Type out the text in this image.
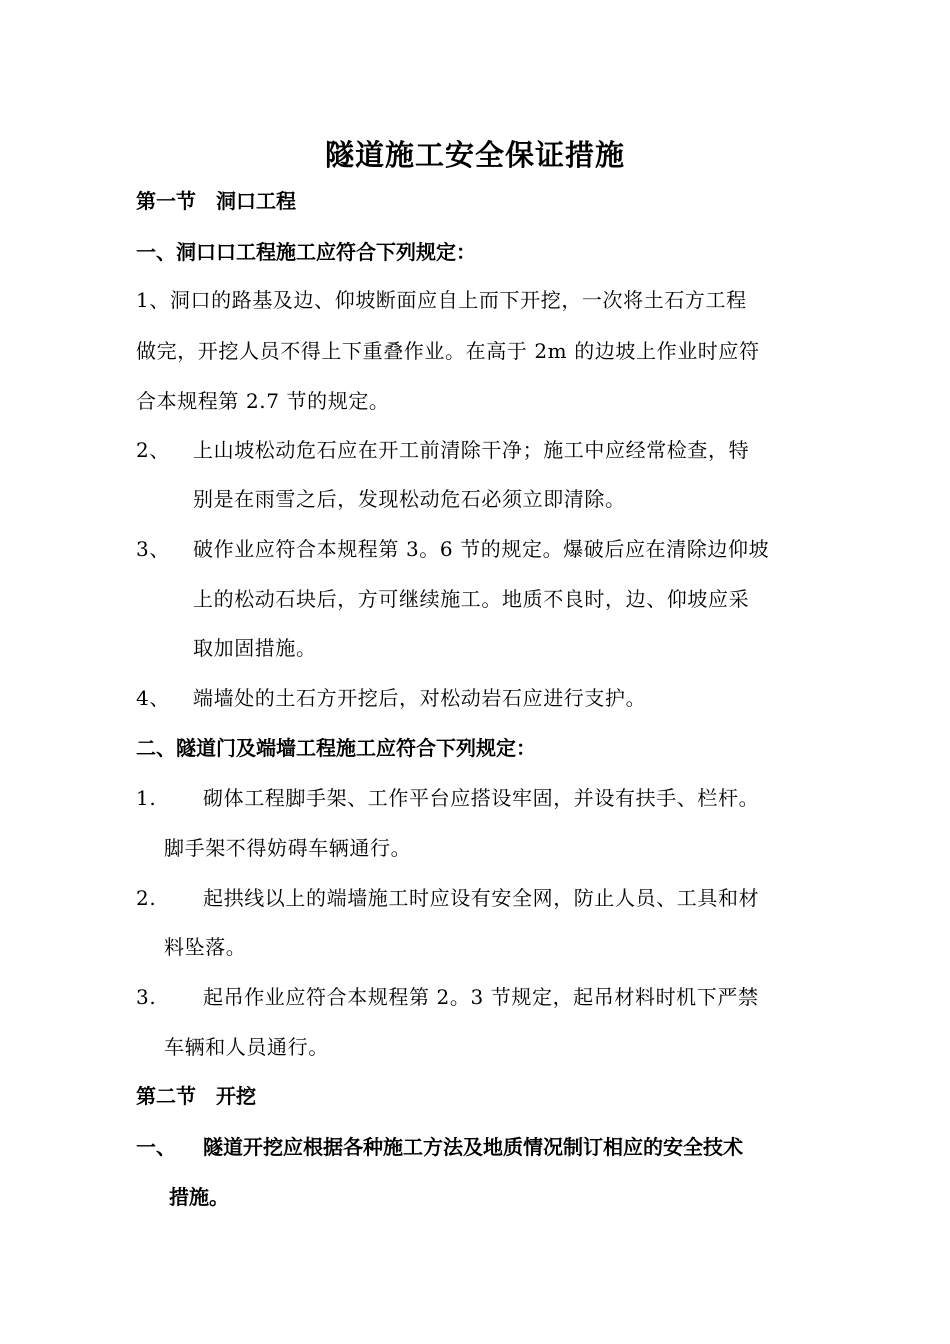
隧道施工安全保证措施
第一节　洞口工程
一、洞口口工程施工应符合下列规定：
1、洞口的路基及边、仰坡断面应自上而下开挖，一次将土石方工程
做完，开挖人员不得上下重叠作业。在高于 2m 的边坡上作业时应符
合本规程第 2.7 节的规定。
2、 上山坡松动危石应在开工前清除干净；施工中应经常检查，特
别是在雨雪之后，发现松动危石必须立即清除。
3、 破作业应符合本规程第 3。6 节的规定。爆破后应在清除边仰坡
上的松动石块后，方可继续施工。地质不良时，边、仰坡应采
取加固措施。
4、 端墙处的土石方开挖后，对松动岩石应进行支护。
二、隧道门及端墙工程施工应符合下列规定：
1. 砌体工程脚手架、工作平台应搭设牢固，并设有扶手、栏杆。
脚手架不得妨碍车辆通行。
2. 起拱线以上的端墙施工时应设有安全网，防止人员、工具和材
料坠落。
3. 起吊作业应符合本规程第 2。3 节规定，起吊材料时机下严禁
车辆和人员通行。
第二节　开挖
一、 隧道开挖应根据各种施工方法及地质情况制订相应的安全技术
措施。
